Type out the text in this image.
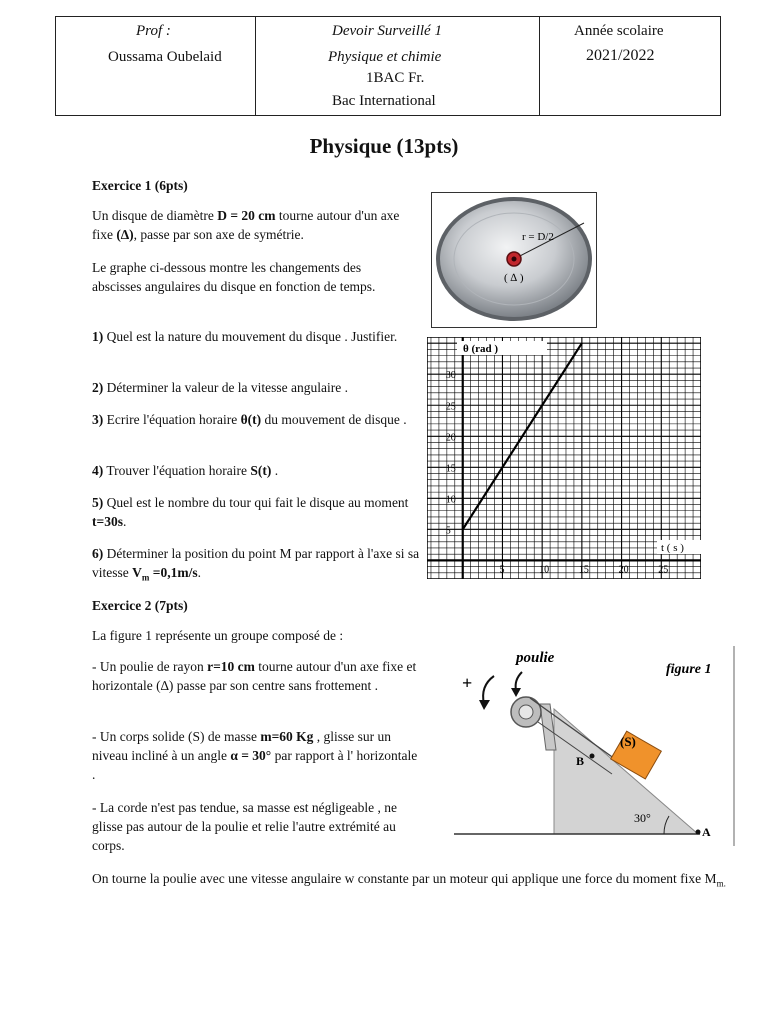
Prof :
Oussama Oubelaid
Devoir Surveillé 1
Physique et chimie
1BAC Fr.
Bac International
Année scolaire
2021/2022
Physique (13pts)
Exercice 1 (6pts)
Un disque de diamètre D = 20 cm tourne autour d'un axe fixe (∆), passe par son axe de symétrie.
Le graphe ci-dessous montre les changements des abscisses angulaires du disque en fonction de temps.
1) Quel est la nature du mouvement du disque . Justifier.
2) Déterminer la valeur de la vitesse angulaire .
3) Ecrire l'équation horaire θ(t) du mouvement de disque .
4) Trouver l'équation horaire S(t) .
5) Quel est le nombre du tour qui fait le disque au moment t=30s.
6) Déterminer la position du point M par rapport à l'axe si sa vitesse $V_m =0,1m/s$.
r = D/2
( ∆ )
5	10	15	20	25
5
10
15
20
25
30
θ (rad )
t ( s )
Exercice 2 (7pts)
La figure 1 représente un groupe composé de :
- Un poulie de rayon r=10 cm tourne autour d'un axe fixe et horizontale (∆) passe par son centre sans frottement .
- Un corps solide (S) de masse m=60 Kg , glisse sur un niveau incliné à un angle α = 30° par rapport à l' horizontale .
- La corde n'est pas tendue, sa masse est négligeable , ne glisse pas autour de la poulie et relie l'autre extrémité au corps.
On tourne la poulie avec une vitesse angulaire w constante par un moteur qui applique une force du moment fixe $M_{m.}$
B
A
30°
poulie
figure 1
(S)
+
